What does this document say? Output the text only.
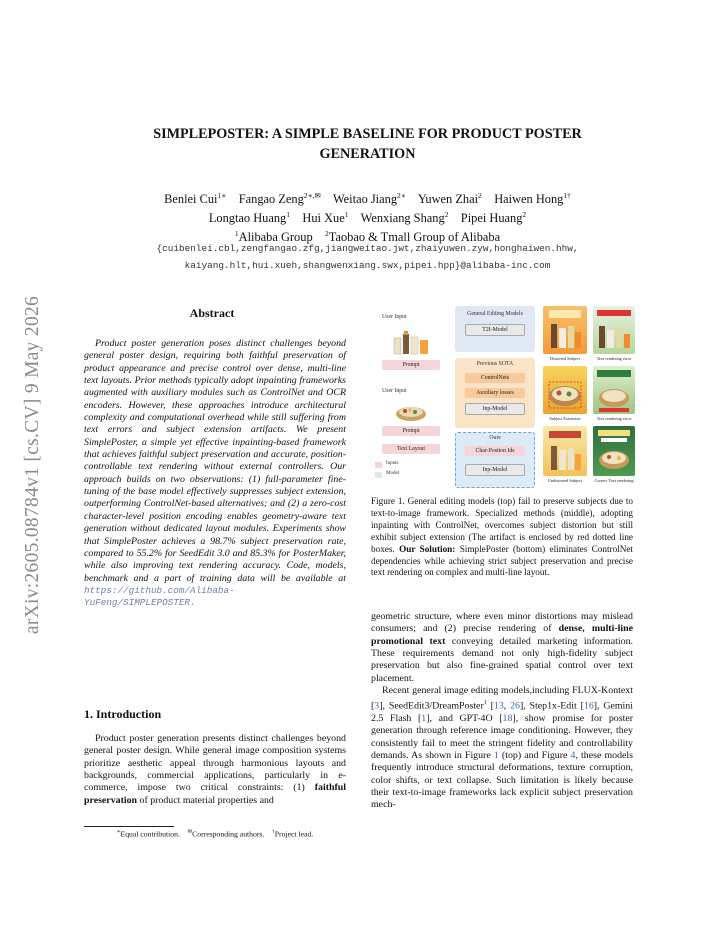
arXiv:2605.08784v1 [cs.CV] 9 May 2026
SIMPLEPOSTER: A SIMPLE BASELINE FOR PRODUCT POSTER
GENERATION
Benlei Cui$^{1∗}$ Fangao Zeng$^{2∗,✉}$ Weitao Jiang$^{2∗}$ Yuwen Zhai$^2$ Haiwen Hong$^{1\dagger}$
Longtao Huang$^1$ Hui Xue$^1$ Wenxiang Shang$^2$ Pipei Huang$^2$
$^1$Alibaba Group $^2$Taobao & Tmall Group of Alibaba
{cuibenlei.cbl,zengfangao.zfg,jiangweitao.jwt,zhaiyuwen.zyw,honghaiwen.hhw,
kaiyang.hlt,hui.xueh,shangwenxiang.swx,pipei.hpp}@alibaba-inc.com
Abstract
Product poster generation poses distinct challenges beyond general poster design, requiring both faithful preservation of product appearance and precise control over dense, multi-line text layouts. Prior methods typically adopt inpainting frameworks augmented with auxiliary modules such as ControlNet and OCR encoders. However, these approaches introduce architectural complexity and computational overhead while still suffering from text errors and subject extension artifacts. We present SimplePoster, a simple yet effective inpainting-based framework that achieves faithful subject preservation and accurate, position-controllable text rendering without external controllers. Our approach builds on two observations: (1) full-parameter fine-tuning of the base model effectively suppresses subject extension, outperforming ControlNet-based alternatives; and (2) a zero-cost character-level position encoding enables geometry-aware text generation without dedicated layout modules. Experiments show that SimplePoster achieves a 98.7% subject preservation rate, compared to 55.2% for SeedEdit 3.0 and 85.3% for PosterMaker, while also improving text rendering accuracy. Code, models, benchmark and a part of training data will be available at https://github.com/Alibaba-YuFeng/SIMPLEPOSTER.
1. Introduction
Product poster generation presents distinct challenges beyond general poster design. While general image composition systems prioritize aesthetic appeal through harmonious layouts and backgrounds, commercial applications, particularly in e-commerce, impose two critical constraints: (1) faithful preservation of product material properties and
∗Equal contribution. ✉Corresponding authors. †Project lead.
User Input
Prompt
User Input
Prompt
Text Layout
Inputs
Model
General Editing Models
T2I-Model
Previous SOTA
ControlNets
Auxiliary losses
Inp-Model
Ours
Char-Postion Ids
Inp-Model
Distorted Subject	Text rendering error
Subject Extension	Text rendering error
Undistorted Subject	Correct Text rendering
Figure 1. General editing models (top) fail to preserve subjects due to text-to-image framework. Specialized methods (middle), adopting inpainting with ControlNet, overcomes subject distortion but still exhibit subject extension (The artifact is enclosed by red dotted line boxes. Our Solution: SimplePoster (bottom) eliminates ControlNet dependencies while achieving strict subject preservation and precise text rendering on complex and multi-line layout.

geometric structure, where even minor distortions may mislead consumers; and (2) precise rendering of dense, multi-line promotional text conveying detailed marketing information. These requirements demand not only high-fidelity subject preservation but also fine-grained spatial control over text placement.

Recent general image editing models,including FLUX-Kontext [3], SeedEdit3/DreamPoster$^1$ [13, 26], Step1x-Edit [16], Gemini 2.5 Flash [1], and GPT-4O [18], show promise for poster generation through reference image conditioning. However, they consistently fail to meet the stringent fidelity and controllability demands. As shown in Figure 1 (top) and Figure 4, these models frequently introduce structural deformations, texture corruption, color shifts, or text collapse. Such limitation is likely because their text-to-image frameworks lack explicit subject preservation mech-
